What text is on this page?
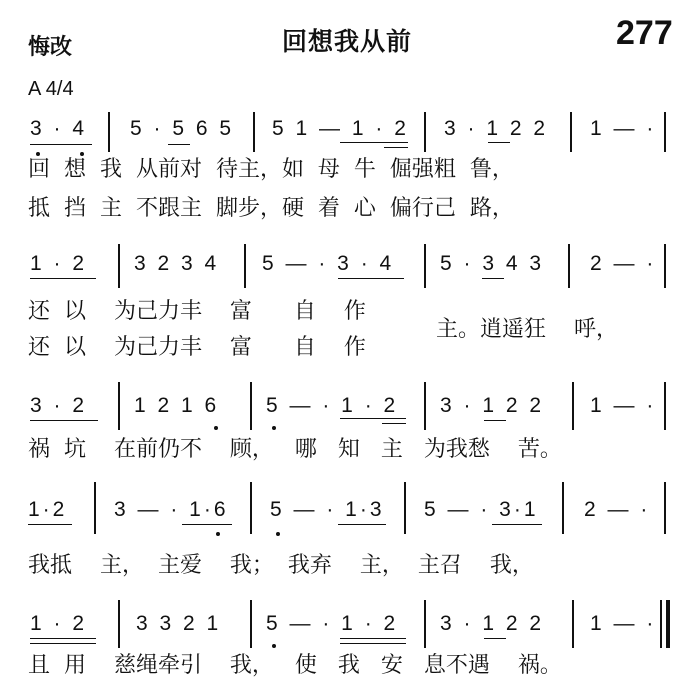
悔改	回想我从前	277
A 4/4
3 · 4 5 · 5 6 5 5 1 — 1 · 2 3 · 1 2 2 1 — ·
回  想  我  从前对  待主，如  母  牛  倔强粗  鲁，
抵  挡  主  不跟主  脚步，硬  着  心  偏行己  路，
1 · 2 3 2 3 4 5 — · 3 · 4 5 · 3 4 3 2 — ·
还  以    为己力丰    富      自    作
还  以    为己力丰    富      自    作
主。逍遥狂    呼，
3 · 2 1 2 1 6 5 — · 1 · 2 3 · 1 2 2 1 — ·
祸  坑    在前仍不    顾，   哪   知   主   为我愁    苦。
1·2 3 — · 1·6 5 — · 1·3 5 — · 3·1 2 — ·
我抵    主，  主爱    我；  我弃    主，  主召    我，
1 · 2 3 3 2 1 5 — · 1 · 2 3 · 1 2 2 1 — ·
且  用    慈绳牵引    我，   使   我   安   息不遇    祸。
